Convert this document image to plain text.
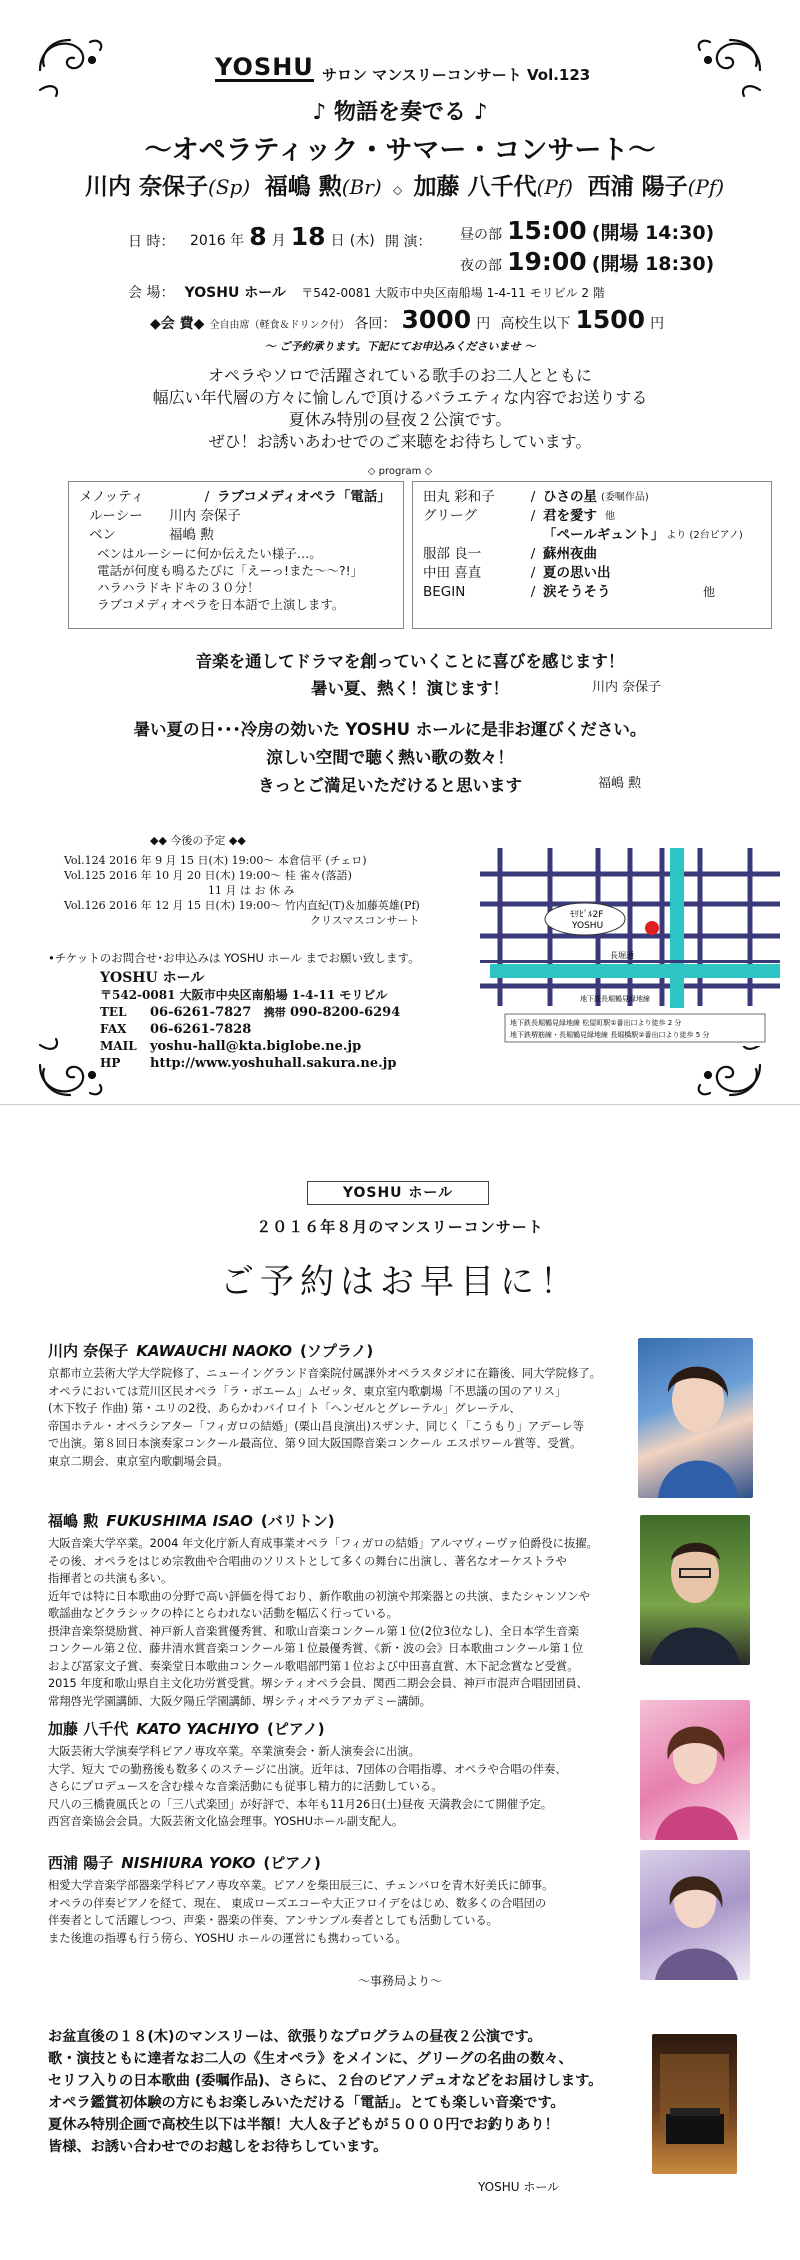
YOSHU サロン マンスリーコンサート Vol.123
♪ 物語を奏でる ♪
～オペラティック・サマー・コンサート～
川内 奈保子(Sp) 福嶋 勲(Br) ◇ 加藤 八千代(Pf) 西浦 陽子(Pf)
日 時： 2016 年 8 月 18 日 (木) 開 演： 昼の部 15:00 (開場 14:30)
夜の部 19:00 (開場 18:30)
会 場： YOSHU ホール 〒542-0081 大阪市中央区南船場 1-4-11 モリビル 2 階
◆会 費◆ 全自由席（軽食＆ドリンク付） 各回： 3000 円 高校生以下 1500 円
～ ご予約承ります。下記にてお申込みくださいませ ～
オペラやソロで活躍されている歌手のお二人とともに
幅広い年代層の方々に愉しんで頂けるバラエティな内容でお送りする
夏休み特別の昼夜２公演です。
ぜひ！お誘いあわせでのご来聴をお待ちしています。
◇ program ◇
メノッティ	/ ラブコメディオペラ「電話」
ルーシー	川内 奈保子
ベン	福嶋 勲
ベンはルーシーに何か伝えたい様子…。
電話が何度も鳴るたびに「えーっ!また～～?!」
ハラハラドキドキの３０分！
ラブコメディオペラを日本語で上演します。
田丸 彩和子	/ ひさの星 (委嘱作品)
グリーグ	/ 君を愛す 他
「ペールギュント」 より (2台ピアノ)
服部 良一	/ 蘇州夜曲
中田 喜直	/ 夏の思い出
BEGIN	/ 涙そうそう	他
音楽を通してドラマを創っていくことに喜びを感じます！
暑い夏、熱く！演じます！	川内 奈保子
暑い夏の日･･･冷房の効いた YOSHU ホールに是非お運びください。
涼しい空間で聴く熱い歌の数々！
きっとご満足いただけると思います	福嶋 勲
◆◆ 今後の予定 ◆◆
Vol.124 2016 年 9 月 15 日(木) 19:00～ 本倉信平 (チェロ)
Vol.125 2016 年 10 月 20 日(木) 19:00～ 桂 雀々(落語)
11 月 は お 休 み
Vol.126 2016 年 12 月 15 日(木) 19:00～ 竹内直紀(T)＆加藤英雄(Pf)
クリスマスコンサート
•チケットのお問合せ･お申込みは YOSHU ホール までお願い致します。
YOSHU ホール
〒542-0081 大阪市中央区南船場 1-4-11 モリビル
TEL 06-6261-7827 携帯 090-8200-6294
FAX 06-6261-7828
MAIL yoshu-hall@kta.biglobe.ne.jp
HP http://www.yoshuhall.sakura.ne.jp
ﾓﾘﾋﾞﾙ2F
YOSHU
長堀通
地下鉄長堀鶴見緑地線
地下鉄長堀鶴見緑地線 松屋町駅①番出口より徒歩 2 分
地下鉄堺筋線・長堀鶴見緑地線 長堀橋駅②番出口より徒歩 5 分
YOSHU ホール
２０１６年８月のマンスリーコンサート
ご予約はお早目に！
川内 奈保子 KAWAUCHI NAOKO (ソプラノ)
京都市立芸術大学大学院修了、ニューイングランド音楽院付属課外オペラスタジオに在籍後、同大学院修了。
オペラにおいては荒川区民オペラ「ラ・ボエーム」ムゼッタ、東京室内歌劇場「不思議の国のアリス」
(木下牧子 作曲) 第・ユリの2役、あらかわバイロイト「ヘンゼルとグレーテル」グレーテル、
帝国ホテル・オペラシアター「フィガロの結婚」(栗山昌良演出)スザンナ、同じく「こうもり」アデーレ等
で出演。第８回日本演奏家コンクール最高位、第９回大阪国際音楽コンクール エスポワール賞等、受賞。
東京二期会、東京室内歌劇場会員。
福嶋 勲 FUKUSHIMA ISAO (バリトン)
大阪音楽大学卒業。2004 年文化庁新人育成事業オペラ「フィガロの結婚」アルマヴィーヴァ伯爵役に抜擢。
その後、オペラをはじめ宗教曲や合唱曲のソリストとして多くの舞台に出演し、著名なオーケストラや
指揮者との共演も多い。
近年では特に日本歌曲の分野で高い評価を得ており、新作歌曲の初演や邦楽器との共演、またシャンソンや
歌謡曲などクラシックの枠にとらわれない活動を幅広く行っている。
摂津音楽祭奨励賞、神戸新人音楽賞優秀賞、和歌山音楽コンクール第１位(2位3位なし)、全日本学生音楽
コンクール第２位、藤井清水賞音楽コンクール第１位最優秀賞、《新・波の会》日本歌曲コンクール第１位
および冨家文子賞、奏楽堂日本歌曲コンクール歌唱部門第１位および中田喜直賞、木下記念賞など受賞。
2015 年度和歌山県自主文化功労賞受賞。堺シティオペラ会員、関西二期会会員、神戸市混声合唱団団員、
常翔啓光学園講師、大阪夕陽丘学園講師、堺シティオペラアカデミー講師。
加藤 八千代 KATO YACHIYO (ピアノ)
大阪芸術大学演奏学科ピアノ専攻卒業。卒業演奏会・新人演奏会に出演。
大学、短大 での勤務後も数多くのステージに出演。近年は、7団体の合唱指導、オペラや合唱の伴奏、
さらにプロデュースを含む様々な音楽活動にも従事し精力的に活動している。
尺八の三橋貴風氏との「三八式楽団」が好評で、本年も11月26日(土)昼夜 天満教会にて開催予定。
西宮音楽協会会員。大阪芸術文化協会理事。YOSHUホール副支配人。
西浦 陽子 NISHIURA YOKO (ピアノ)
相愛大学音楽学部器楽学科ピアノ専攻卒業。ピアノを柴田辰三に、チェンバロを青木好美氏に師事。
オペラの伴奏ピアノを経て、現在、 東成ローズエコーや大正フロイデをはじめ、数多くの合唱団の
伴奏者として活躍しつつ、声楽・器楽の伴奏、アンサンブル奏者としても活動している。
また後進の指導も行う傍ら、YOSHU ホールの運営にも携わっている。
～事務局より～
お盆直後の１８(木)のマンスリーは、欲張りなプログラムの昼夜２公演です。
歌・演技ともに達者なお二人の《生オペラ》をメインに、グリーグの名曲の数々、
セリフ入りの日本歌曲 (委嘱作品)、さらに、２台のピアノデュオなどをお届けします。
オペラ鑑賞初体験の方にもお楽しみいただける「電話」。とても楽しい音楽です。
夏休み特別企画で高校生以下は半額！大人＆子どもが５０００円でお釣りあり！
皆様、お誘い合わせでのお越しをお待ちしています。
YOSHU ホール
